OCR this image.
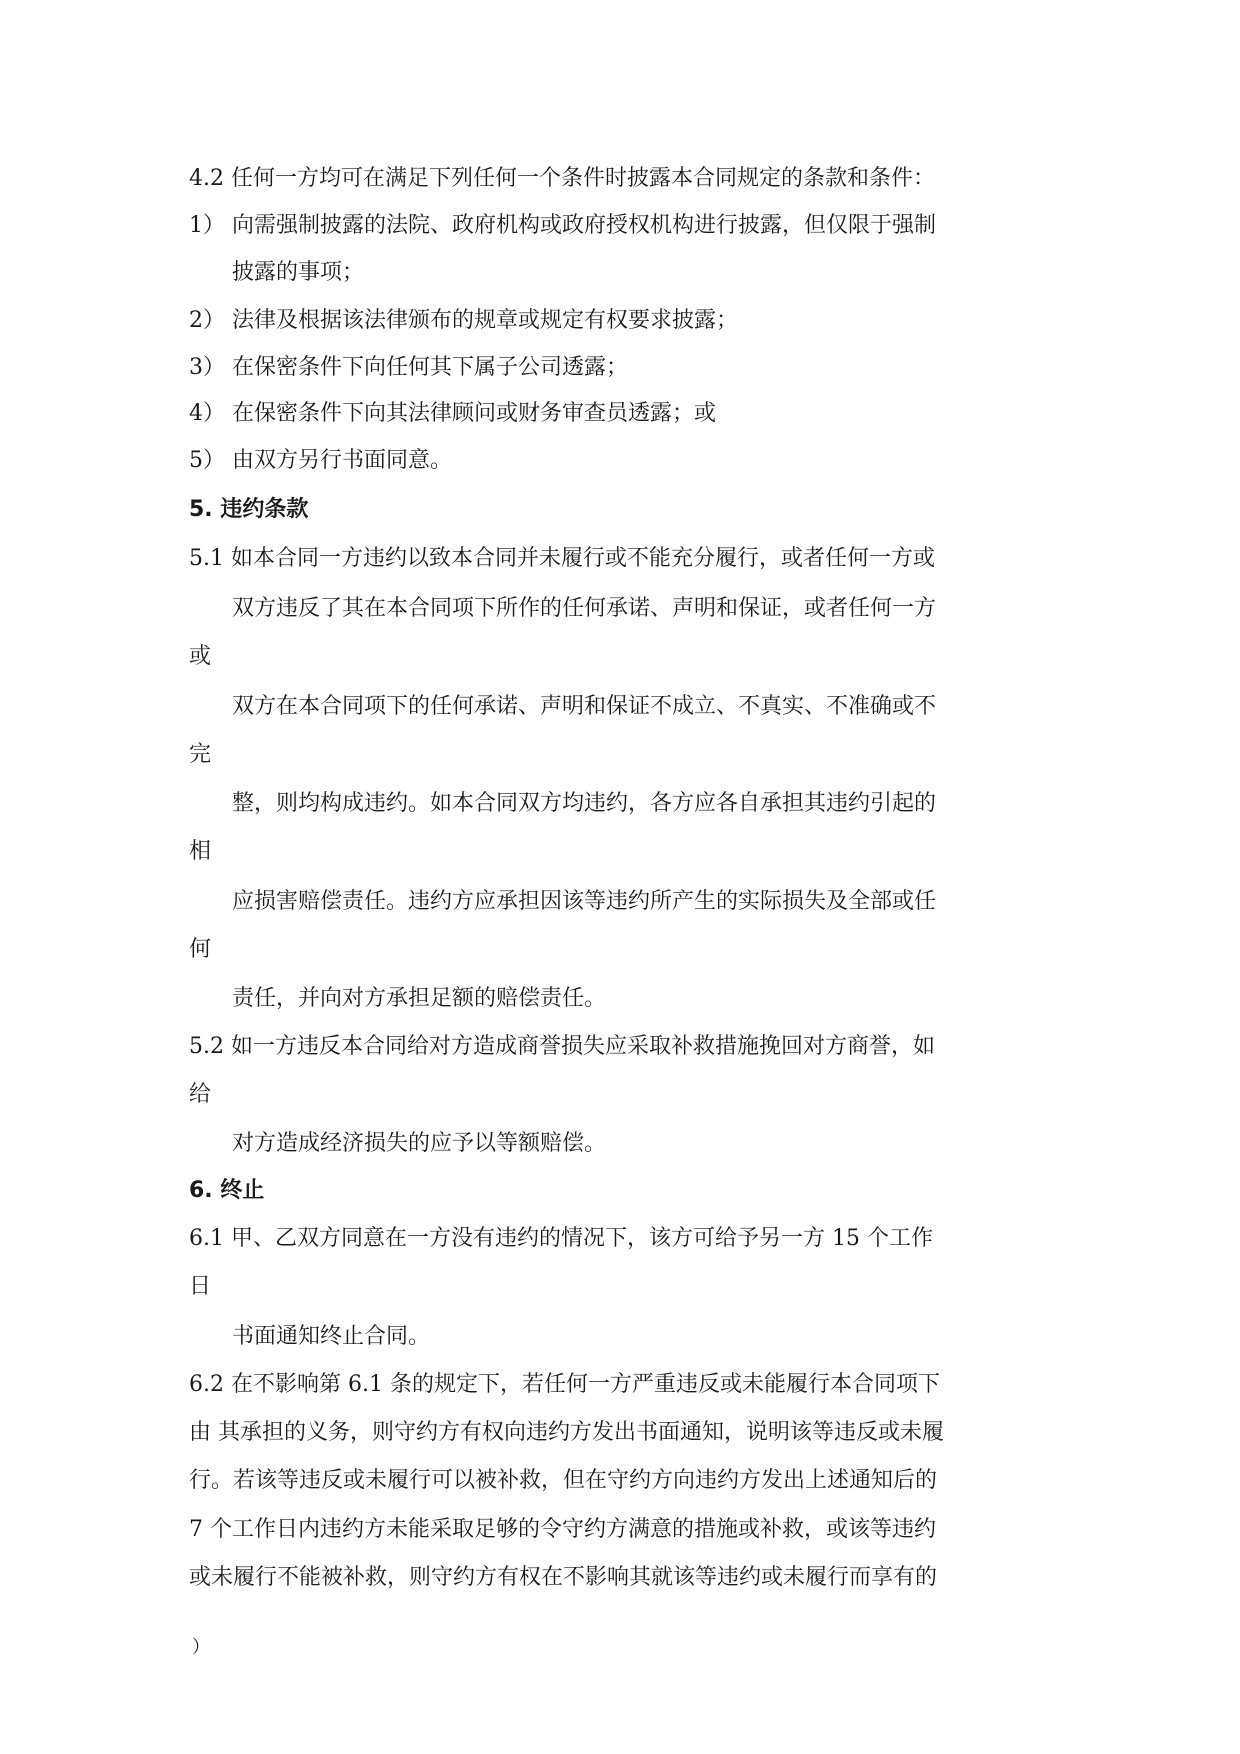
4.2 任何一方均可在满足下列任何一个条件时披露本合同规定的条款和条件：
1） 向需强制披露的法院、政府机构或政府授权机构进行披露，但仅限于强制
披露的事项；
2） 法律及根据该法律颁布的规章或规定有权要求披露；
3） 在保密条件下向任何其下属子公司透露；
4） 在保密条件下向其法律顾问或财务审查员透露；或
5） 由双方另行书面同意。
5. 违约条款
5.1 如本合同一方违约以致本合同并未履行或不能充分履行，或者任何一方或
双方违反了其在本合同项下所作的任何承诺、声明和保证，或者任何一方
或
双方在本合同项下的任何承诺、声明和保证不成立、不真实、不准确或不
完
整，则均构成违约。如本合同双方均违约，各方应各自承担其违约引起的
相
应损害赔偿责任。违约方应承担因该等违约所产生的实际损失及全部或任
何
责任，并向对方承担足额的赔偿责任。
5.2 如一方违反本合同给对方造成商誉损失应采取补救措施挽回对方商誉，如
给
对方造成经济损失的应予以等额赔偿。
6. 终止
6.1 甲、乙双方同意在一方没有违约的情况下，该方可给予另一方 15 个工作
日
书面通知终止合同。
6.2 在不影响第 6.1 条的规定下，若任何一方严重违反或未能履行本合同项下
由 其承担的义务，则守约方有权向违约方发出书面通知，说明该等违反或未履
行。若该等违反或未履行可以被补救，但在守约方向违约方发出上述通知后的
7 个工作日内违约方未能采取足够的令守约方满意的措施或补救，或该等违约
或未履行不能被补救，则守约方有权在不影响其就该等违约或未履行而享有的
）
